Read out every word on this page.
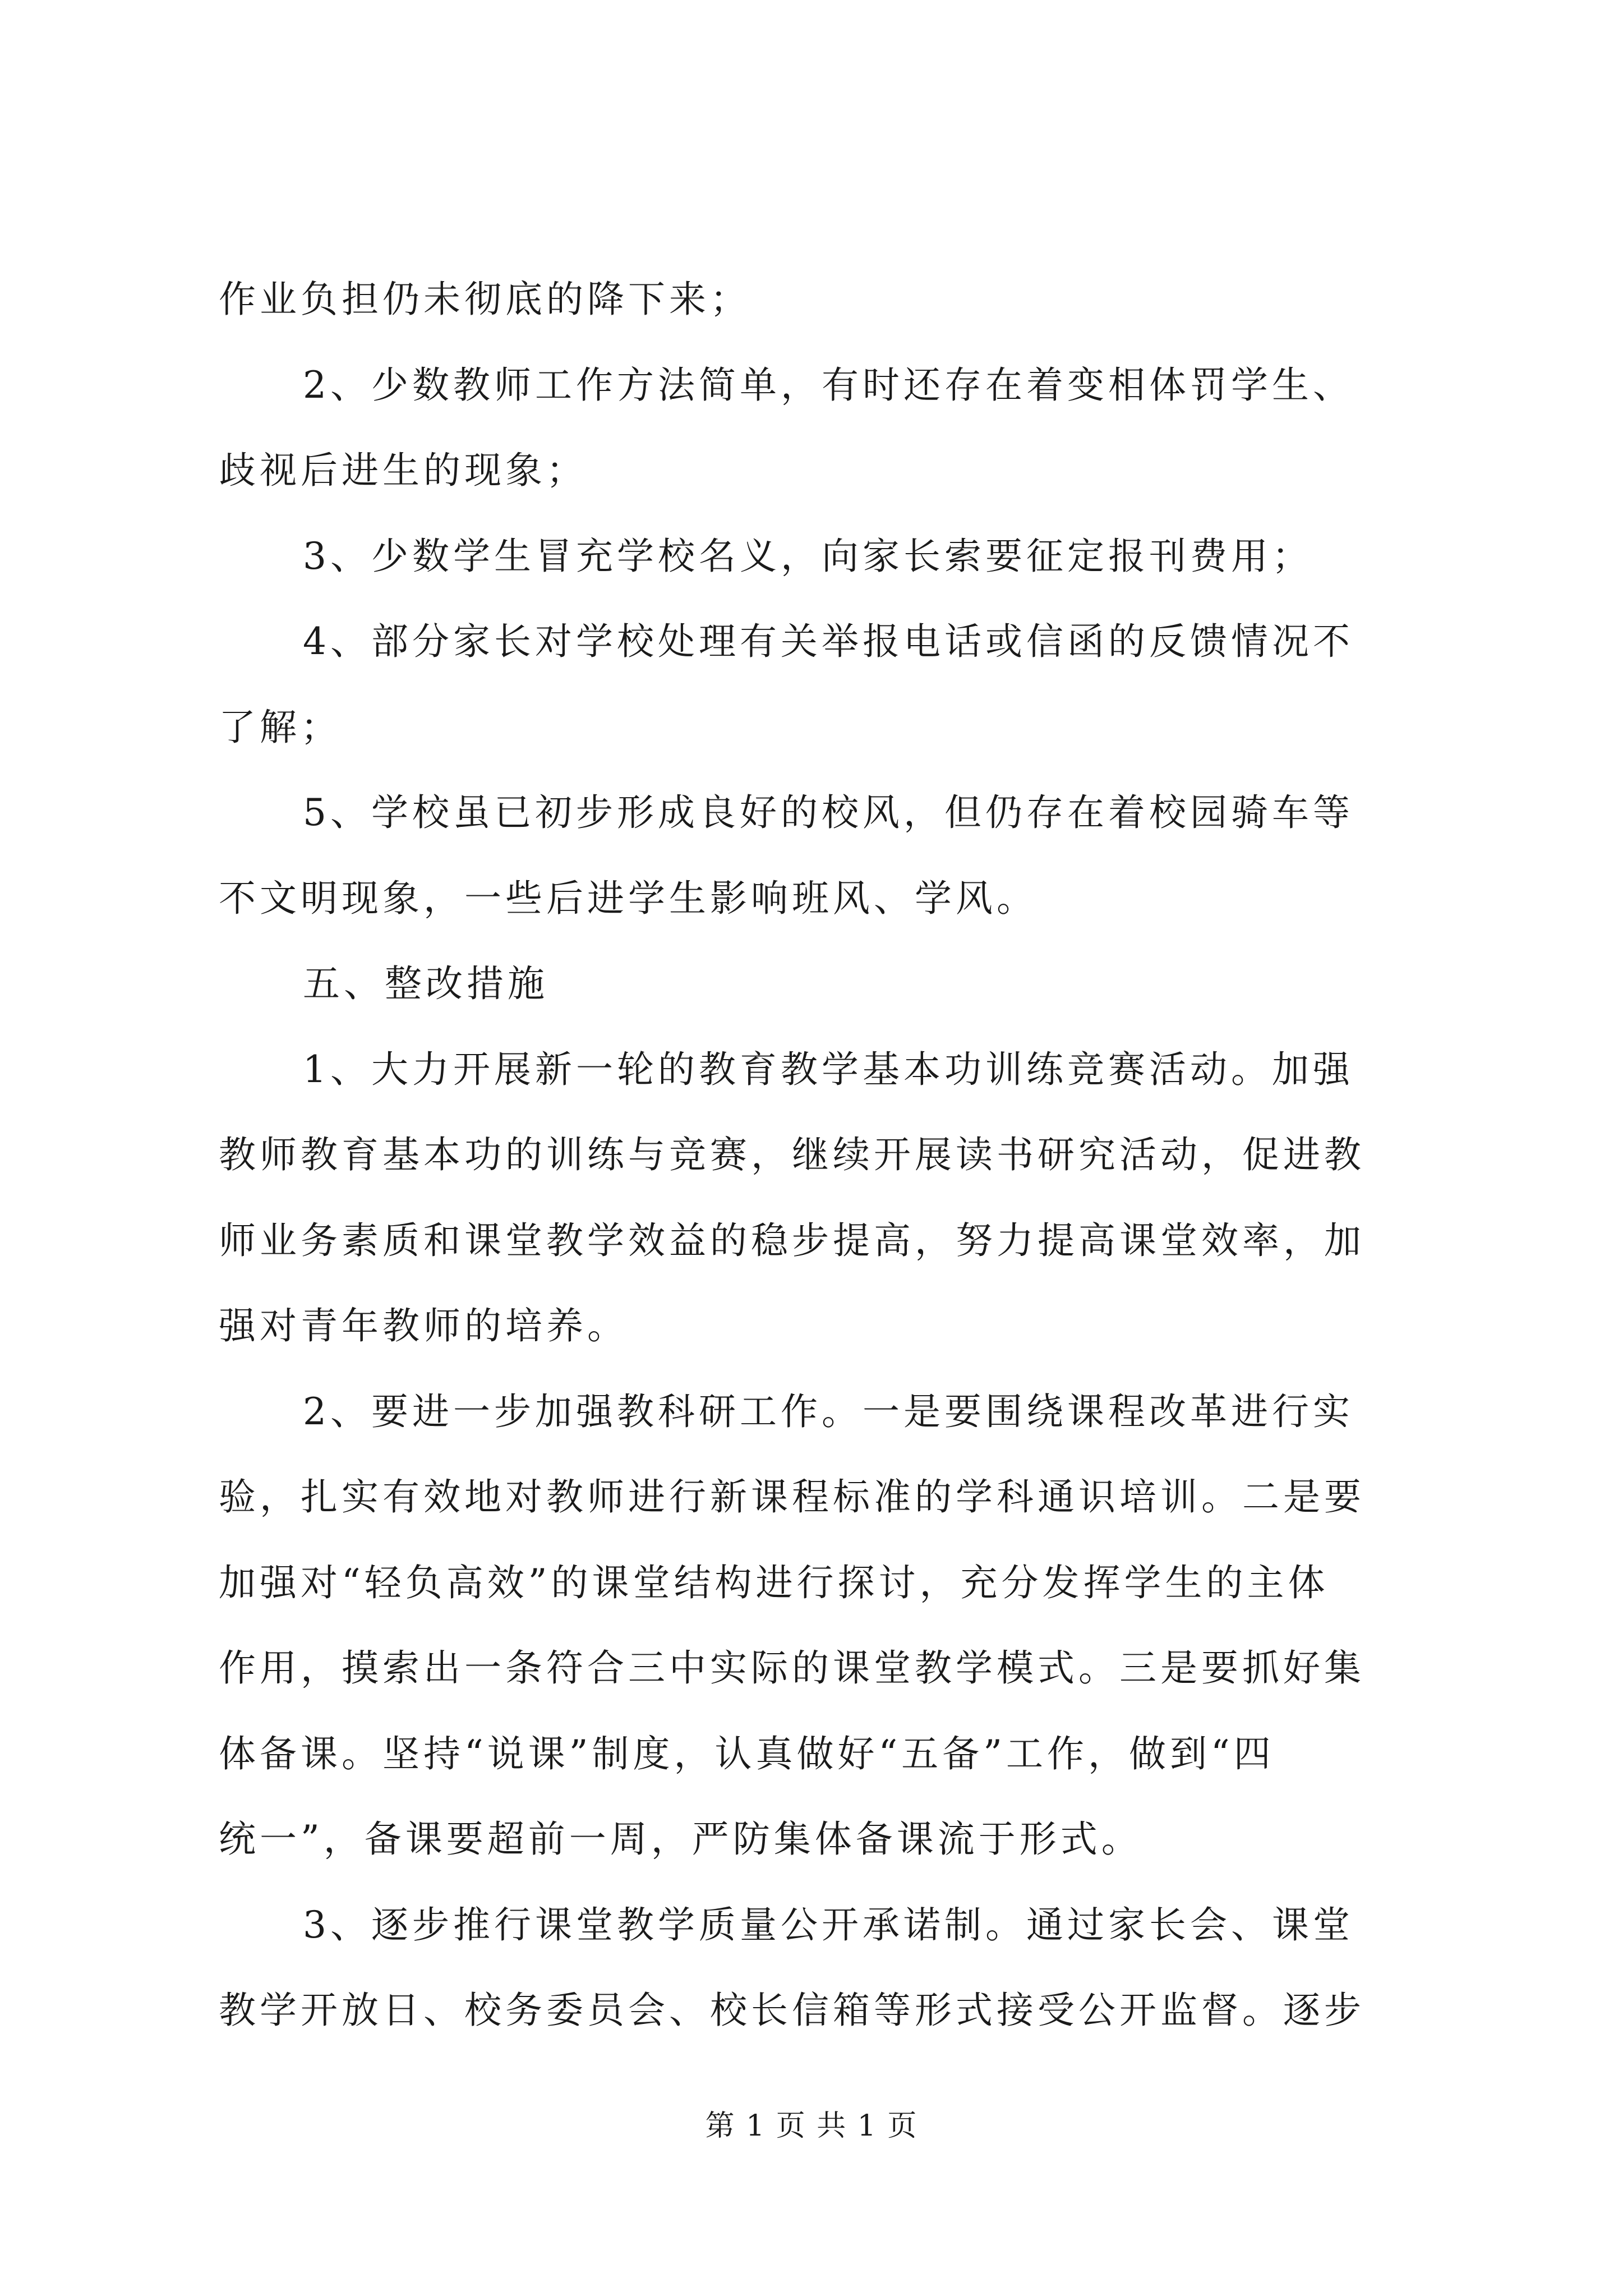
作业负担仍未彻底的降下来；
2、少数教师工作方法简单，有时还存在着变相体罚学生、
歧视后进生的现象；
3、少数学生冒充学校名义，向家长索要征定报刊费用；
4、部分家长对学校处理有关举报电话或信函的反馈情况不
了解；
5、学校虽已初步形成良好的校风，但仍存在着校园骑车等
不文明现象，一些后进学生影响班风、学风。
五、整改措施
1、大力开展新一轮的教育教学基本功训练竞赛活动。加强
教师教育基本功的训练与竞赛，继续开展读书研究活动，促进教
师业务素质和课堂教学效益的稳步提高，努力提高课堂效率，加
强对青年教师的培养。
2、要进一步加强教科研工作。一是要围绕课程改革进行实
验，扎实有效地对教师进行新课程标准的学科通识培训。二是要
加强对“轻负高效”的课堂结构进行探讨，充分发挥学生的主体
作用，摸索出一条符合三中实际的课堂教学模式。三是要抓好集
体备课。坚持“说课”制度，认真做好“五备”工作，做到“四
统一”，备课要超前一周，严防集体备课流于形式。
3、逐步推行课堂教学质量公开承诺制。通过家长会、课堂
教学开放日、校务委员会、校长信箱等形式接受公开监督。逐步
第 1 页 共 1 页
